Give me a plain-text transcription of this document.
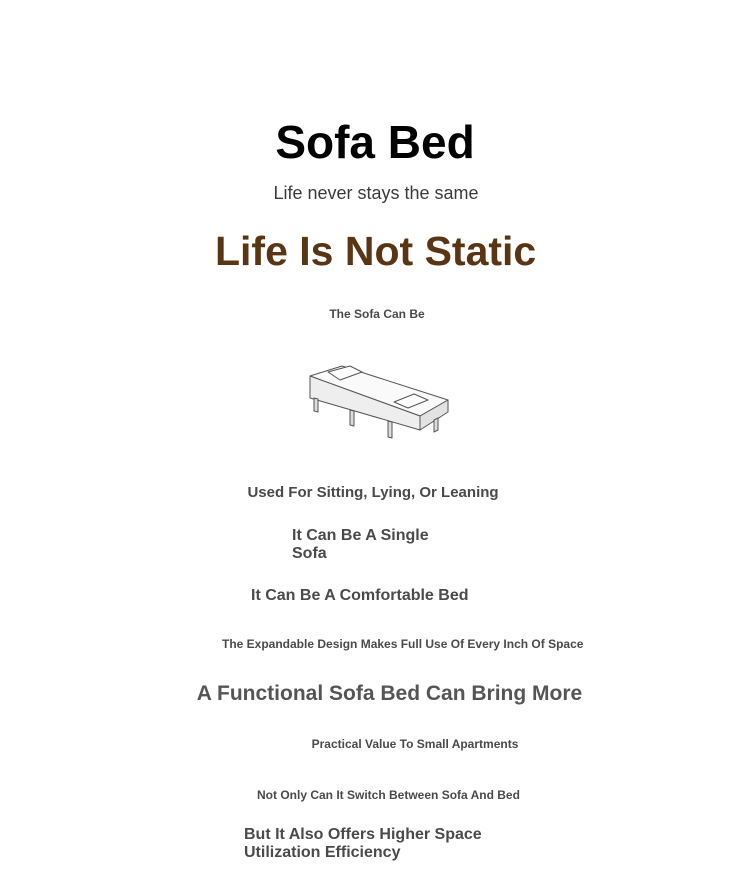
Sofa Bed

Life never stays the same

Life Is Not Static

The Sofa Can Be

Used For Sitting, Lying, Or Leaning

It Can Be A Single Sofa

It Can Be A Comfortable Bed

The Expandable Design Makes Full Use Of Every Inch Of Space

A Functional Sofa Bed Can Bring More

Practical Value To Small Apartments

Not Only Can It Switch Between Sofa And Bed

But It Also Offers Higher Space Utilization Efficiency
